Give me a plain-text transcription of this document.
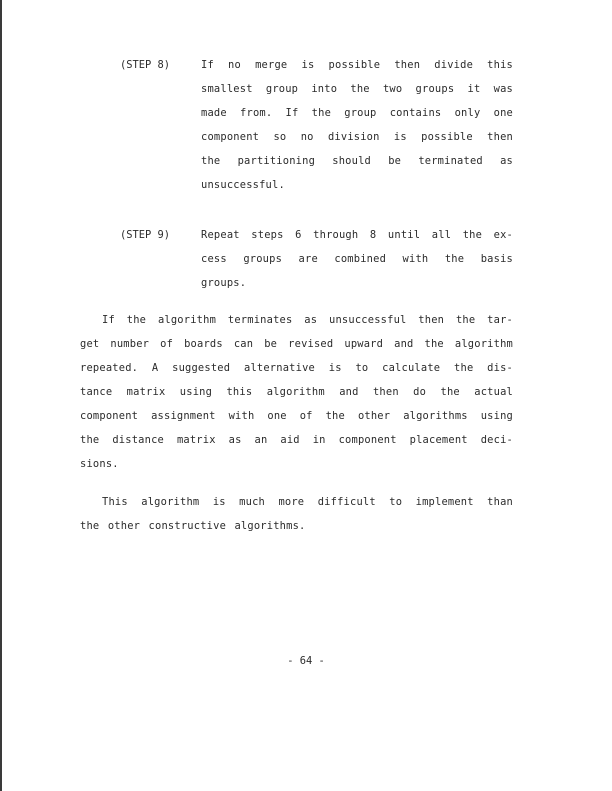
(STEP 8)	If no merge is possible then divide this
smallest group into the two groups it was
made from. If the group contains only one
component so no division is possible then
the partitioning should be terminated as
unsuccessful.
(STEP 9)	Repeat steps 6 through 8 until all the ex-
cess groups are combined with the basis
groups.
If the algorithm terminates as unsuccessful then the tar-
get number of boards can be revised upward and the algorithm
repeated. A suggested alternative is to calculate the dis-
tance matrix using this algorithm and then do the actual
component assignment with one of the other algorithms using
the distance matrix as an aid in component placement deci-
sions.
This algorithm is much more difficult to implement than
the other constructive algorithms.
- 64 -
